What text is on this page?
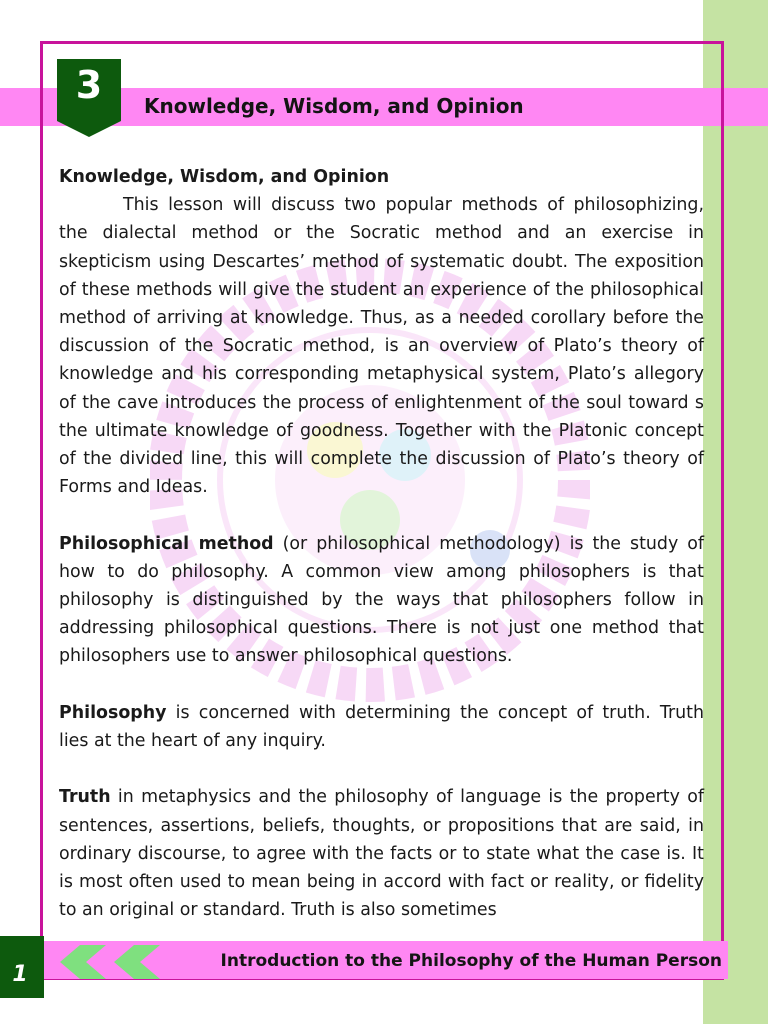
3	Knowledge, Wisdom, and Opinion

Knowledge, Wisdom, and Opinion

This lesson will discuss two popular methods of philosophizing, the dialectal method or the Socratic method and an exercise in skepticism using Descartes’ method of systematic doubt. The exposition of these methods will give the student an experience of the philosophical method of arriving at knowledge. Thus, as a needed corollary before the discussion of the Socratic method, is an overview of Plato’s theory of knowledge and his corresponding metaphysical system, Plato’s allegory of the cave introduces the process of enlightenment of the soul toward s the ultimate knowledge of goodness. Together with the Platonic concept of the divided line, this will complete the discussion of Plato’s theory of Forms and Ideas.

Philosophical method (or philosophical methodology) is the study of how to do philosophy. A common view among philosophers is that philosophy is distinguished by the ways that philosophers follow in addressing philosophical questions. There is not just one method that philosophers use to answer philosophical questions.

Philosophy is concerned with determining the concept of truth. Truth lies at the heart of any inquiry.

Truth in metaphysics and the philosophy of language is the property of sentences, assertions, beliefs, thoughts, or propositions that are said, in ordinary discourse, to agree with the facts or to state what the case is. It is most often used to mean being in accord with fact or reality, or fidelity to an original or standard. Truth is also sometimes

Introduction to the Philosophy of the Human Person
1
